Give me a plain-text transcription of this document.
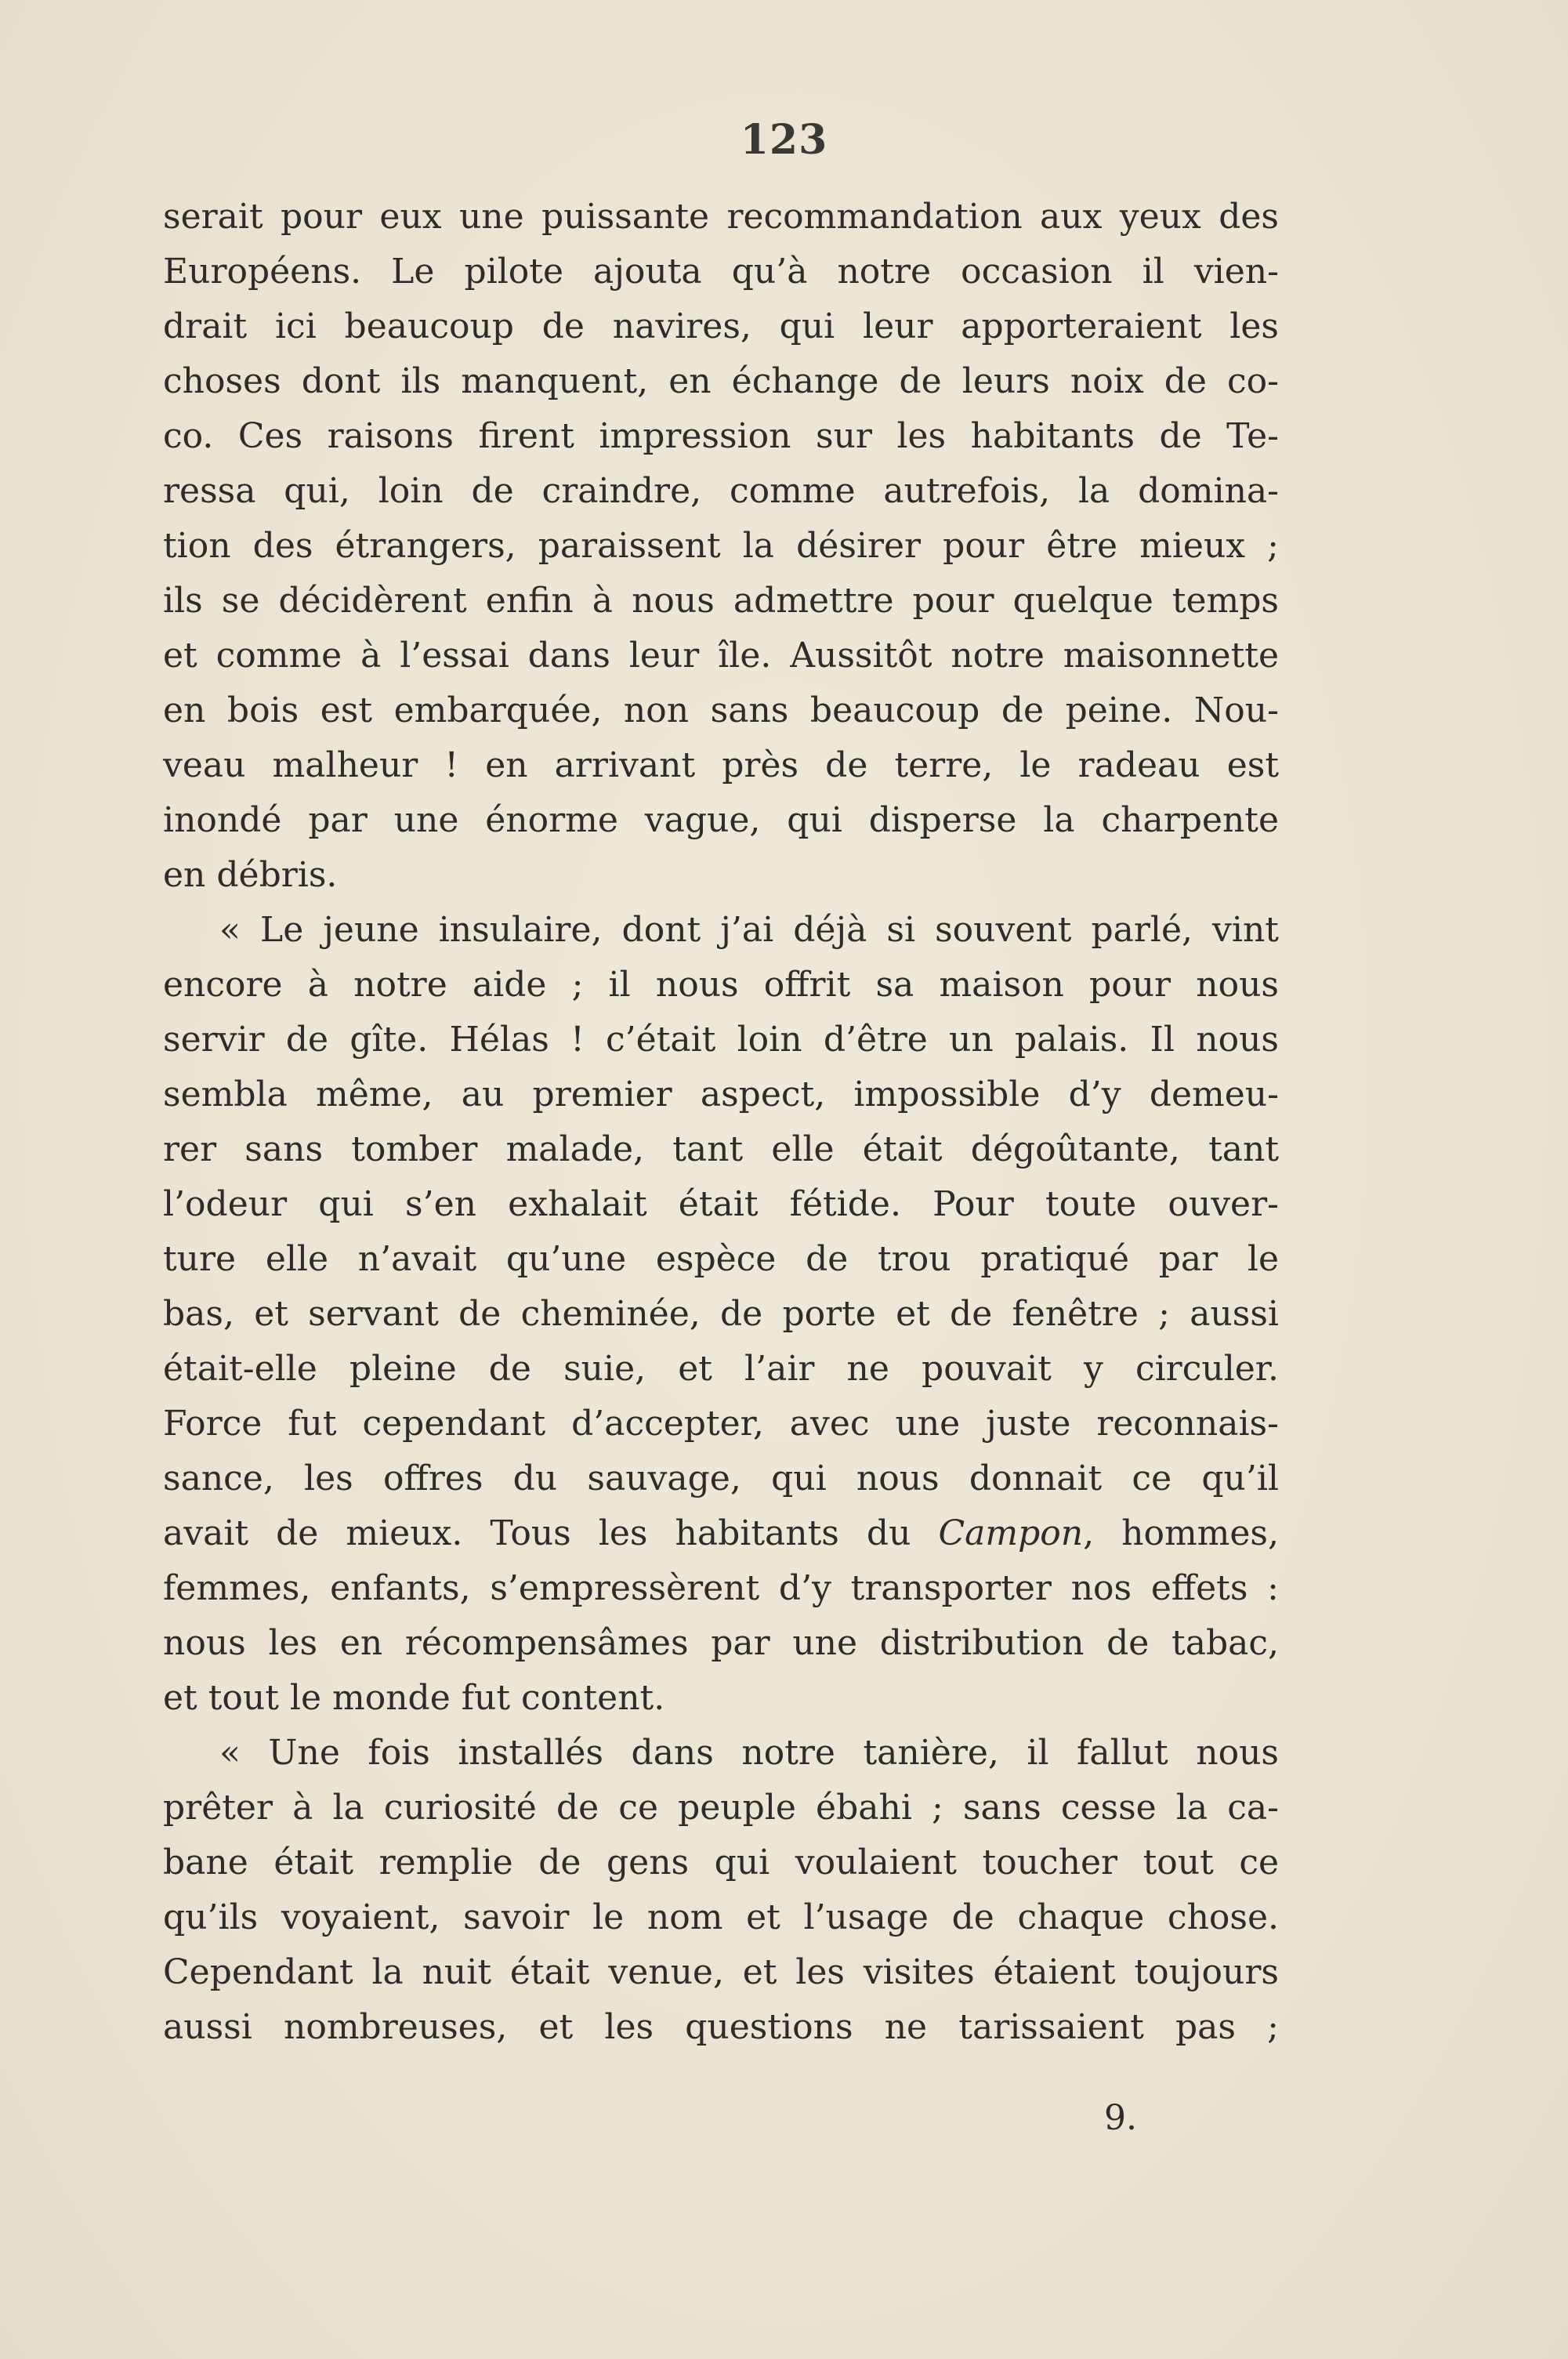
123
serait pour eux une puissante recommandation aux yeux des
Européens. Le pilote ajouta qu’à notre occasion il vien-
drait ici beaucoup de navires, qui leur apporteraient les
choses dont ils manquent, en échange de leurs noix de co-
co. Ces raisons firent impression sur les habitants de Te-
ressa qui, loin de craindre, comme autrefois, la domina-
tion des étrangers, paraissent la désirer pour être mieux ;
ils se décidèrent enfin à nous admettre pour quelque temps
et comme à l’essai dans leur île. Aussitôt notre maisonnette
en bois est embarquée, non sans beaucoup de peine. Nou-
veau malheur ! en arrivant près de terre, le radeau est
inondé par une énorme vague, qui disperse la charpente
en débris.
« Le jeune insulaire, dont j’ai déjà si souvent parlé, vint
encore à notre aide ; il nous offrit sa maison pour nous
servir de gîte. Hélas ! c’était loin d’être un palais. Il nous
sembla même, au premier aspect, impossible d’y demeu-
rer sans tomber malade, tant elle était dégoûtante, tant
l’odeur qui s’en exhalait était fétide. Pour toute ouver-
ture elle n’avait qu’une espèce de trou pratiqué par le
bas, et servant de cheminée, de porte et de fenêtre ; aussi
était-elle pleine de suie, et l’air ne pouvait y circuler.
Force fut cependant d’accepter, avec une juste reconnais-
sance, les offres du sauvage, qui nous donnait ce qu’il
avait de mieux. Tous les habitants du Campon, hommes,
femmes, enfants, s’empressèrent d’y transporter nos effets :
nous les en récompensâmes par une distribution de tabac,
et tout le monde fut content.
« Une fois installés dans notre tanière, il fallut nous
prêter à la curiosité de ce peuple ébahi ; sans cesse la ca-
bane était remplie de gens qui voulaient toucher tout ce
qu’ils voyaient, savoir le nom et l’usage de chaque chose.
Cependant la nuit était venue, et les visites étaient toujours
aussi nombreuses, et les questions ne tarissaient pas ;
9.
